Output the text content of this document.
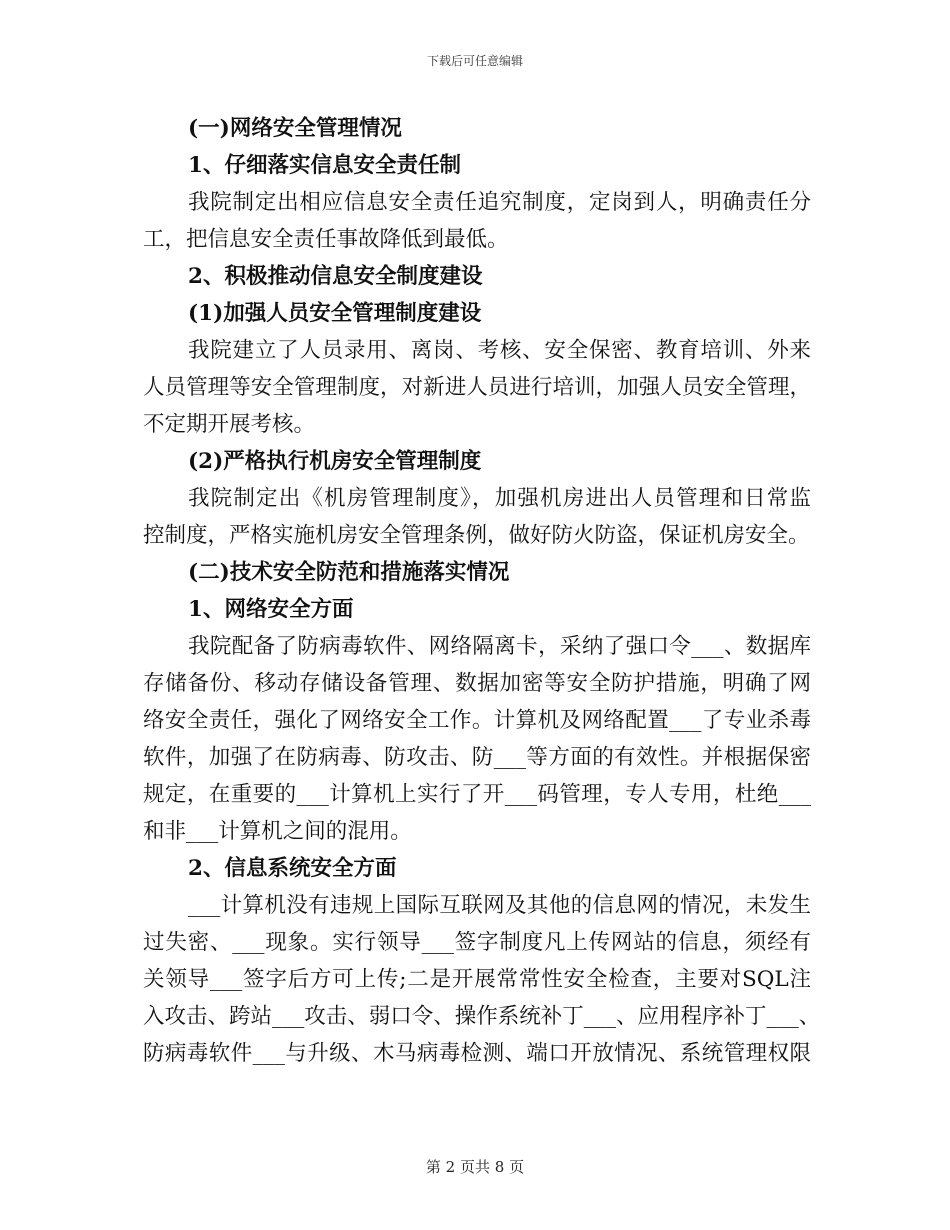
下载后可任意编辑
(一)网络安全管理情况
1、仔细落实信息安全责任制
我院制定出相应信息安全责任追究制度，定岗到人，明确责任分
工，把信息安全责任事故降低到最低。
2、积极推动信息安全制度建设
(1)加强人员安全管理制度建设
我院建立了人员录用、离岗、考核、安全保密、教育培训、外来
人员管理等安全管理制度，对新进人员进行培训，加强人员安全管理，
不定期开展考核。
(2)严格执行机房安全管理制度
我院制定出《机房管理制度》，加强机房进出人员管理和日常监
控制度，严格实施机房安全管理条例，做好防火防盗，保证机房安全。
(二)技术安全防范和措施落实情况
1、网络安全方面
我院配备了防病毒软件、网络隔离卡，采纳了强口令___、数据库
存储备份、移动存储设备管理、数据加密等安全防护措施，明确了网
络安全责任，强化了网络安全工作。计算机及网络配置___了专业杀毒
软件，加强了在防病毒、防攻击、防___等方面的有效性。并根据保密
规定，在重要的___计算机上实行了开___码管理，专人专用，杜绝___
和非___计算机之间的混用。
2、信息系统安全方面
___计算机没有违规上国际互联网及其他的信息网的情况，未发生
过失密、___现象。实行领导___签字制度凡上传网站的信息，须经有
关领导___签字后方可上传;二是开展常常性安全检查，主要对SQL注
入攻击、跨站___攻击、弱口令、操作系统补丁___、应用程序补丁___、
防病毒软件___与升级、木马病毒检测、端口开放情况、系统管理权限
第 2 页共 8 页
